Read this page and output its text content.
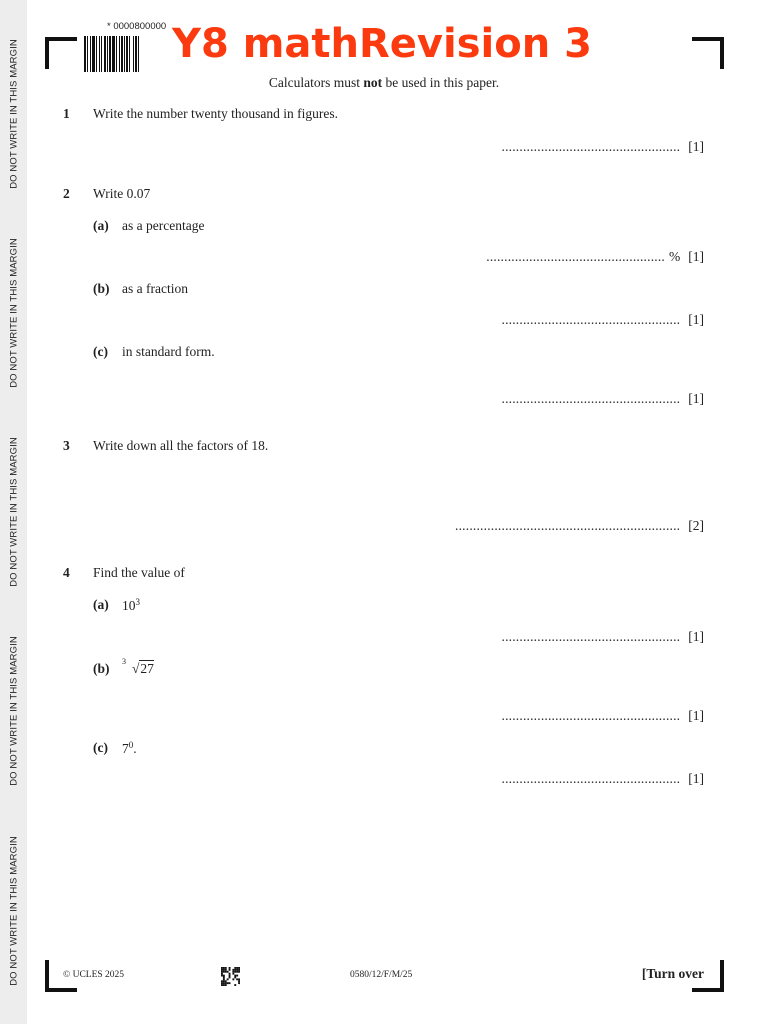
DO NOT WRITE IN THIS MARGIN
DO NOT WRITE IN THIS MARGIN
DO NOT WRITE IN THIS MARGIN
DO NOT WRITE IN THIS MARGIN
DO NOT WRITE IN THIS MARGIN
* 0000800000 Y8 mathRevision 3
Calculators must not be used in this paper.
1 Write the number twenty thousand in figures.
.................................................. [1]
2 Write 0.07
(a) as a percentage
.................................................. % [1]
(b) as a fraction
.................................................. [1]
(c) in standard form.
.................................................. [1]
3 Write down all the factors of 18.
............................................................... [2]
4 Find the value of
(a) $10^3$
.................................................. [1]
(b) 3 √27
.................................................. [1]
(c) $7^0$.
.................................................. [1]
© UCLES 2025	0580/12/F/M/25	[Turn over
